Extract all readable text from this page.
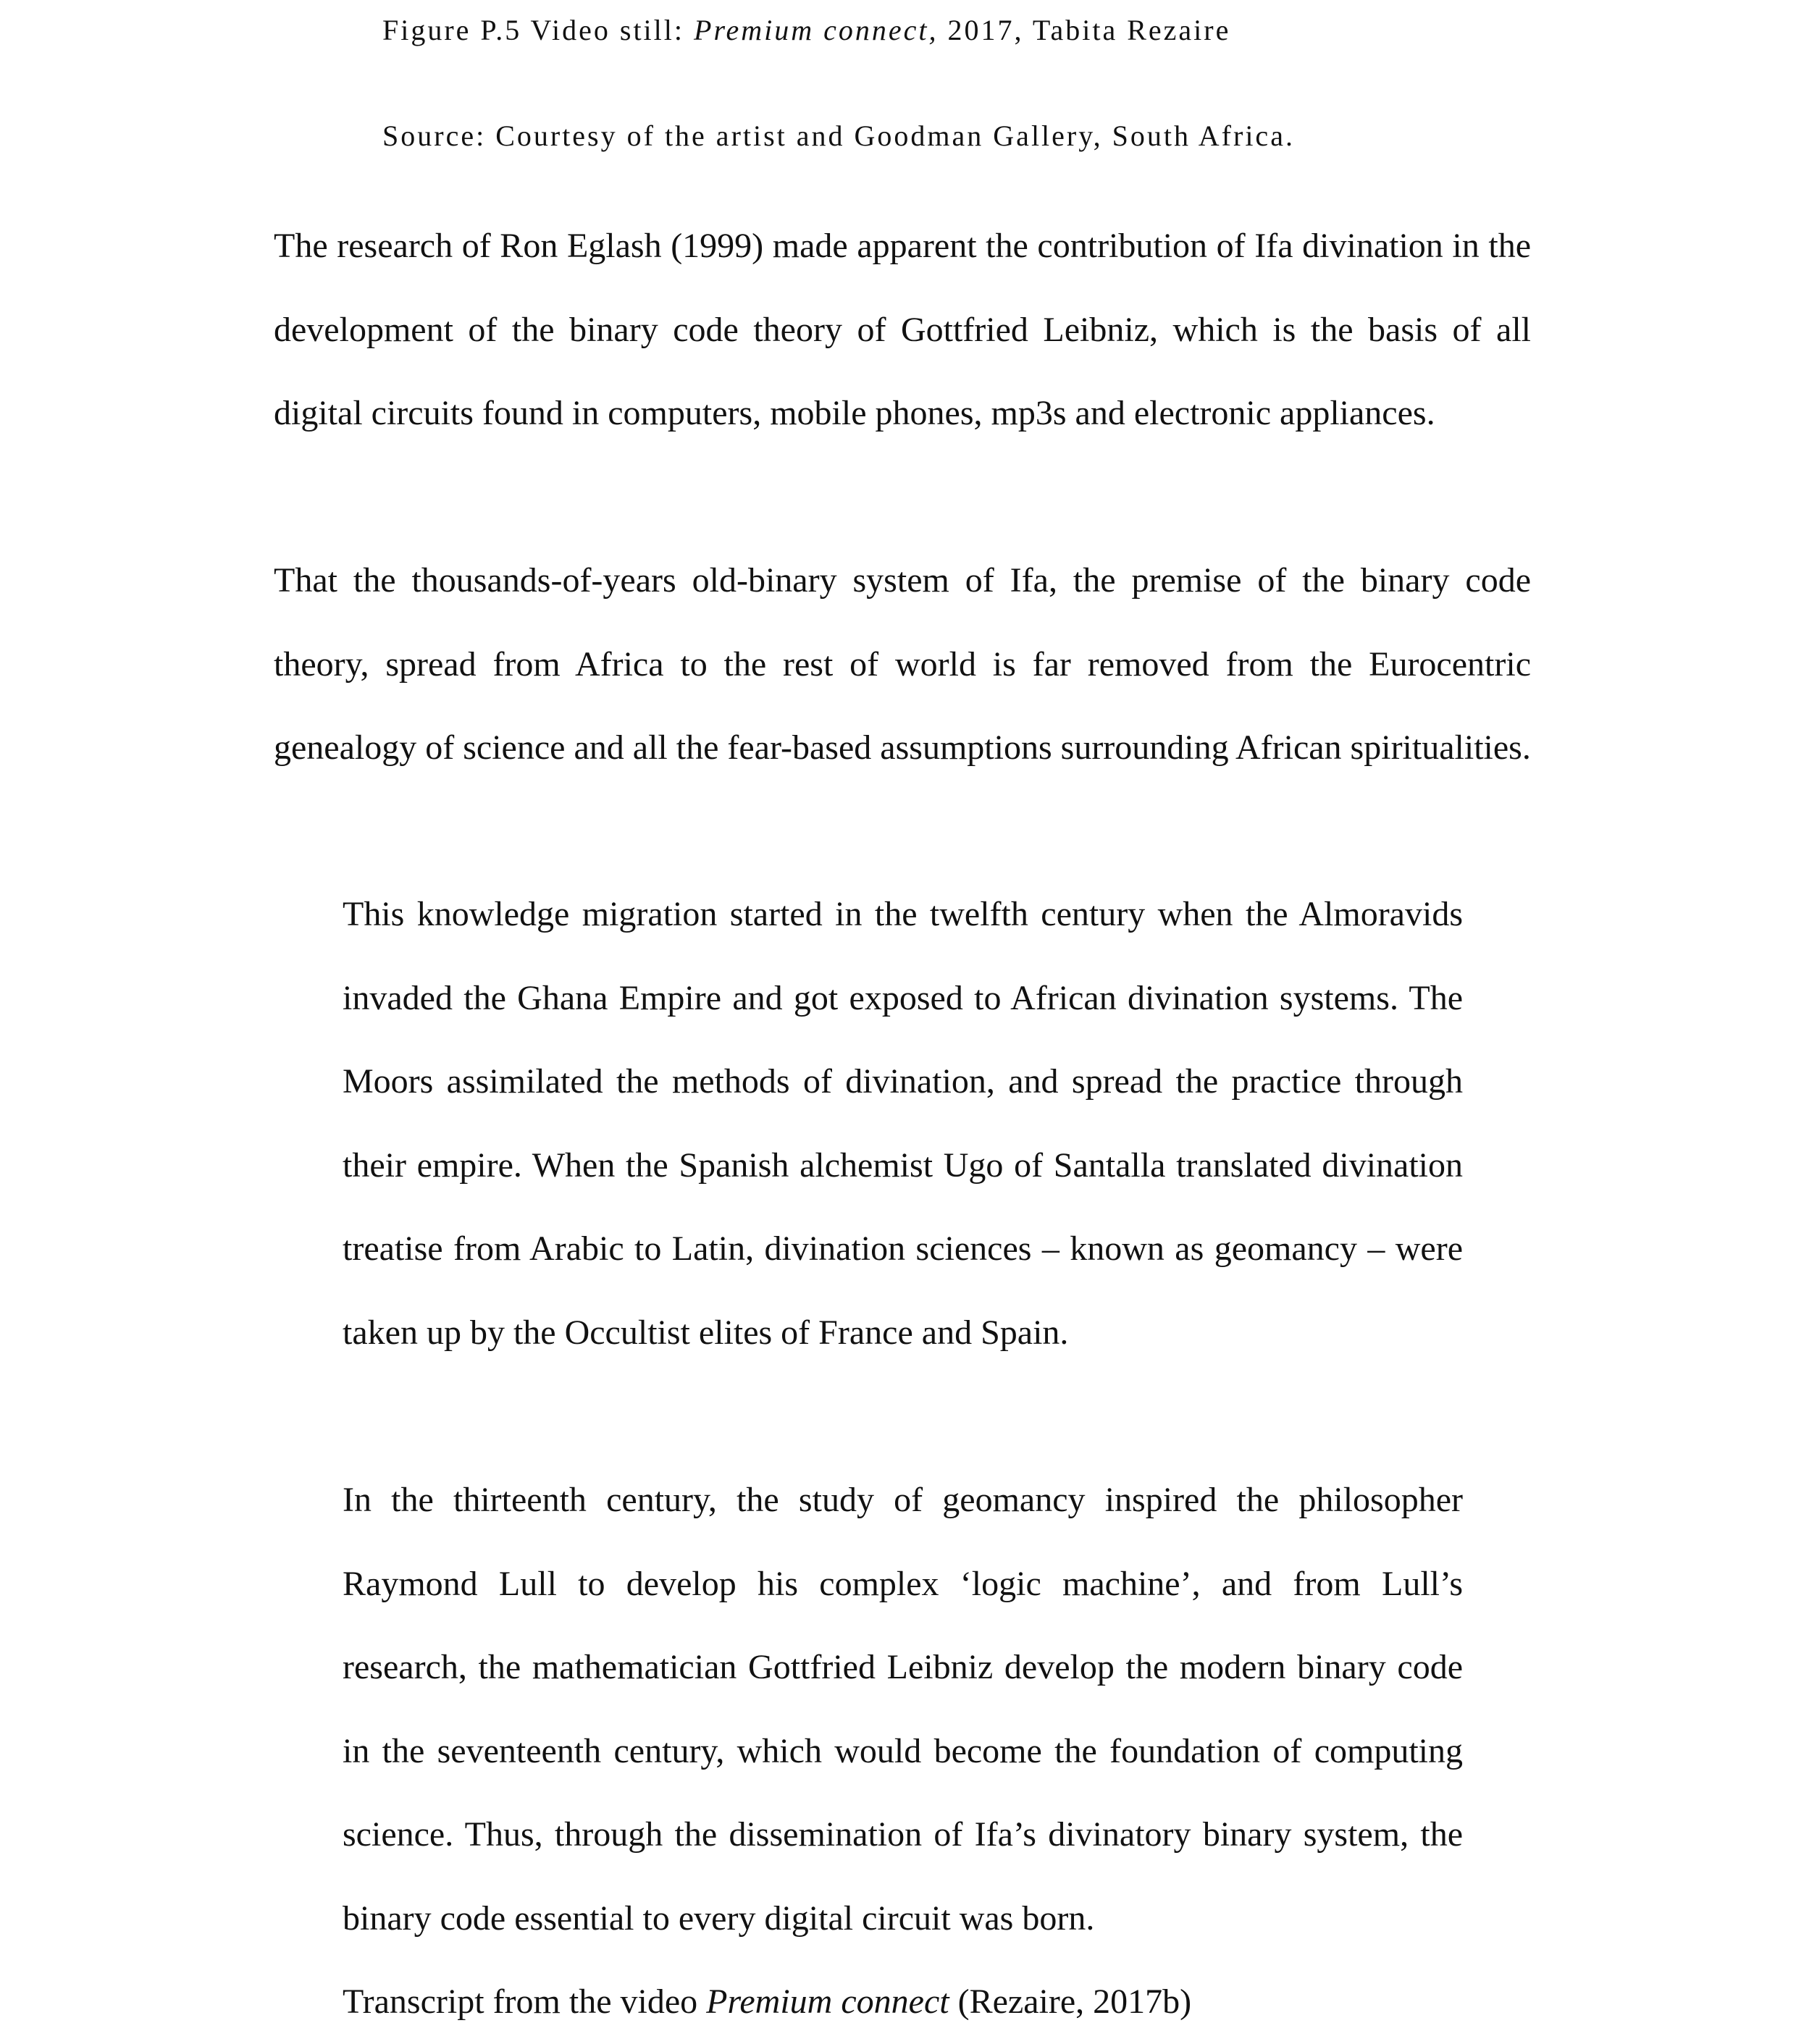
Figure P.5 Video still: Premium connect, 2017, Tabita Rezaire

Source: Courtesy of the artist and Goodman Gallery, South Africa.

The research of Ron Eglash (1999) made apparent the contribution of Ifa divination in the development of the binary code theory of Gottfried Leibniz, which is the basis of all digital circuits found in computers, mobile phones, mp3s and electronic appliances.

That the thousands-of-years old-binary system of Ifa, the premise of the binary code theory, spread from Africa to the rest of world is far removed from the Eurocentric genealogy of science and all the fear-based assumptions surrounding African spiritualities.

This knowledge migration started in the twelfth century when the Almoravids invaded the Ghana Empire and got exposed to African divination systems. The Moors assimilated the methods of divination, and spread the practice through their empire. When the Spanish alchemist Ugo of Santalla translated divination treatise from Arabic to Latin, divination sciences – known as geomancy – were taken up by the Occultist elites of France and Spain.

In the thirteenth century, the study of geomancy inspired the philosopher Raymond Lull to develop his complex ‘logic machine’, and from Lull’s research, the mathematician Gottfried Leibniz develop the modern binary code in the seventeenth century, which would become the foundation of computing science. Thus, through the dissemination of Ifa’s divinatory binary system, the binary code essential to every digital circuit was born.

Transcript from the video Premium connect (Rezaire, 2017b)
